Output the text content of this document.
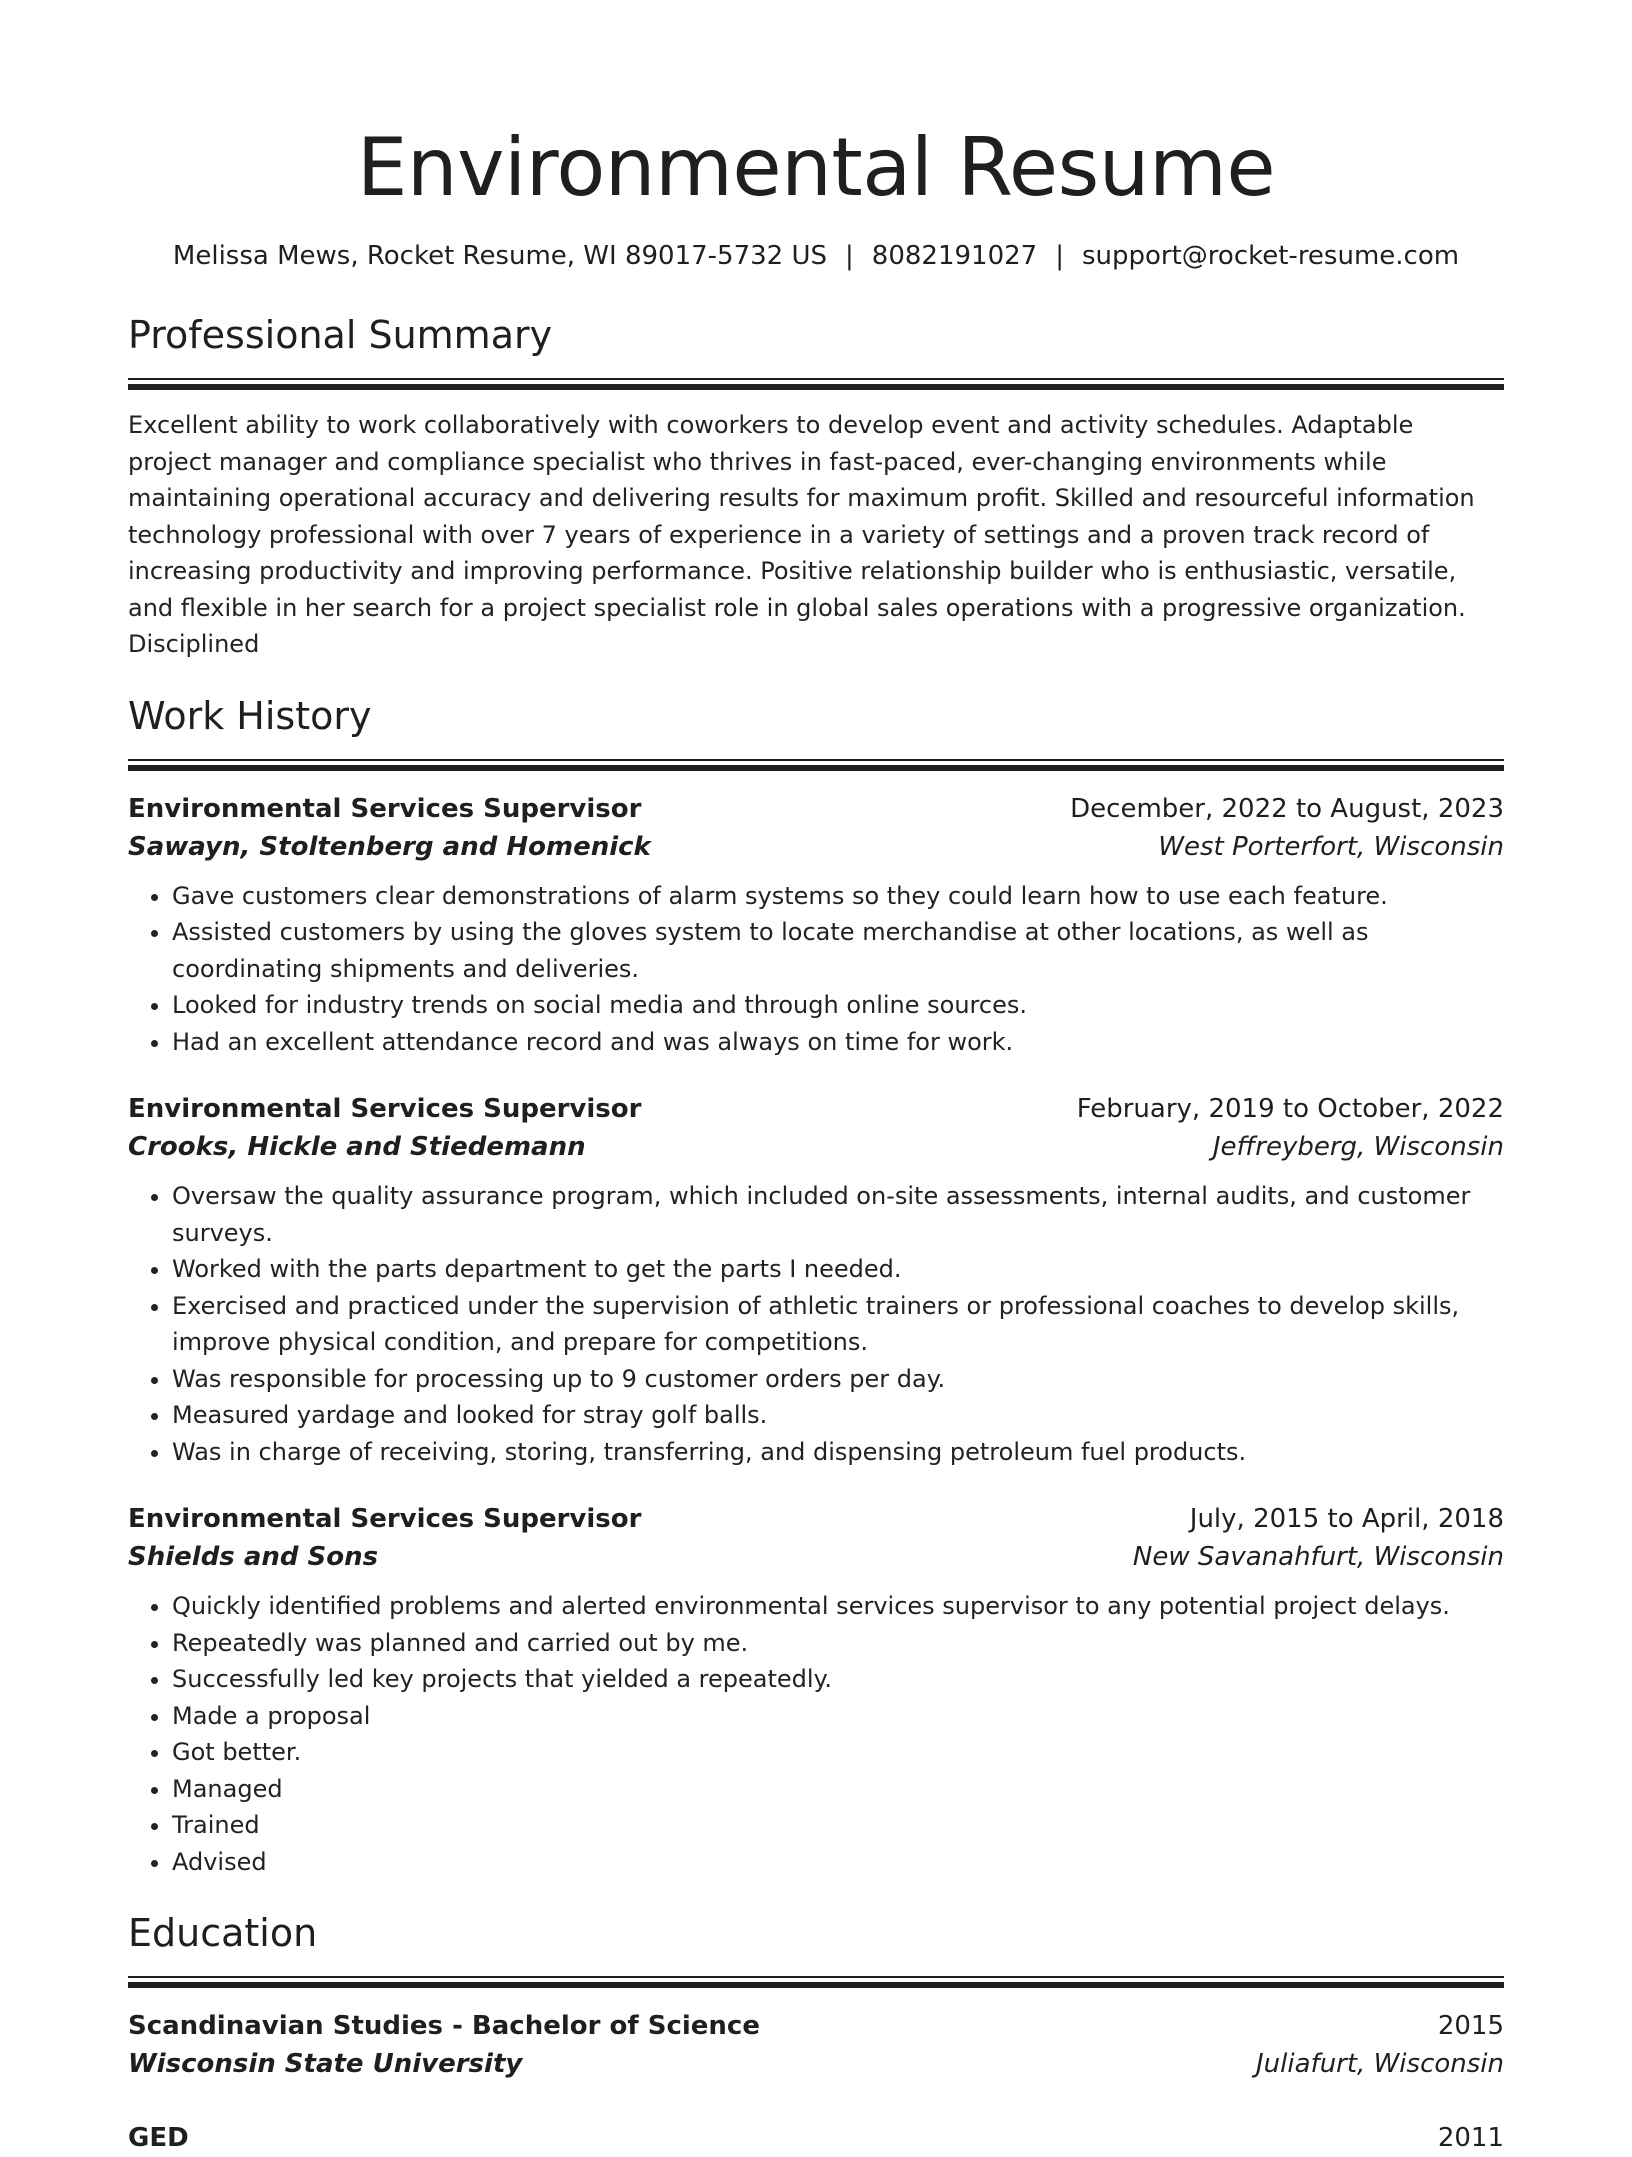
Environmental Resume
Melissa Mews, Rocket Resume, WI 89017-5732 US | 8082191027 | support@rocket-resume.com
Professional Summary
Excellent ability to work collaboratively with coworkers to develop event and activity schedules. Adaptable project manager and compliance specialist who thrives in fast-paced, ever-changing environments while maintaining operational accuracy and delivering results for maximum profit. Skilled and resourceful information technology professional with over 7 years of experience in a variety of settings and a proven track record of increasing productivity and improving performance. Positive relationship builder who is enthusiastic, versatile, and flexible in her search for a project specialist role in global sales operations with a progressive organization. Disciplined
Work History
Environmental Services Supervisor	December, 2022 to August, 2023
Sawayn, Stoltenberg and Homenick	West Porterfort, Wisconsin
• Gave customers clear demonstrations of alarm systems so they could learn how to use each feature.
• Assisted customers by using the gloves system to locate merchandise at other locations, as well as coordinating shipments and deliveries.
• Looked for industry trends on social media and through online sources.
• Had an excellent attendance record and was always on time for work.
Environmental Services Supervisor	February, 2019 to October, 2022
Crooks, Hickle and Stiedemann	Jeffreyberg, Wisconsin
• Oversaw the quality assurance program, which included on-site assessments, internal audits, and customer surveys.
• Worked with the parts department to get the parts I needed.
• Exercised and practiced under the supervision of athletic trainers or professional coaches to develop skills, improve physical condition, and prepare for competitions.
• Was responsible for processing up to 9 customer orders per day.
• Measured yardage and looked for stray golf balls.
• Was in charge of receiving, storing, transferring, and dispensing petroleum fuel products.
Environmental Services Supervisor	July, 2015 to April, 2018
Shields and Sons	New Savanahfurt, Wisconsin
• Quickly identified problems and alerted environmental services supervisor to any potential project delays.
• Repeatedly was planned and carried out by me.
• Successfully led key projects that yielded a repeatedly.
• Made a proposal
• Got better.
• Managed
• Trained
• Advised
Education
Scandinavian Studies - Bachelor of Science	2015
Wisconsin State University	Juliafurt, Wisconsin
GED	2011
